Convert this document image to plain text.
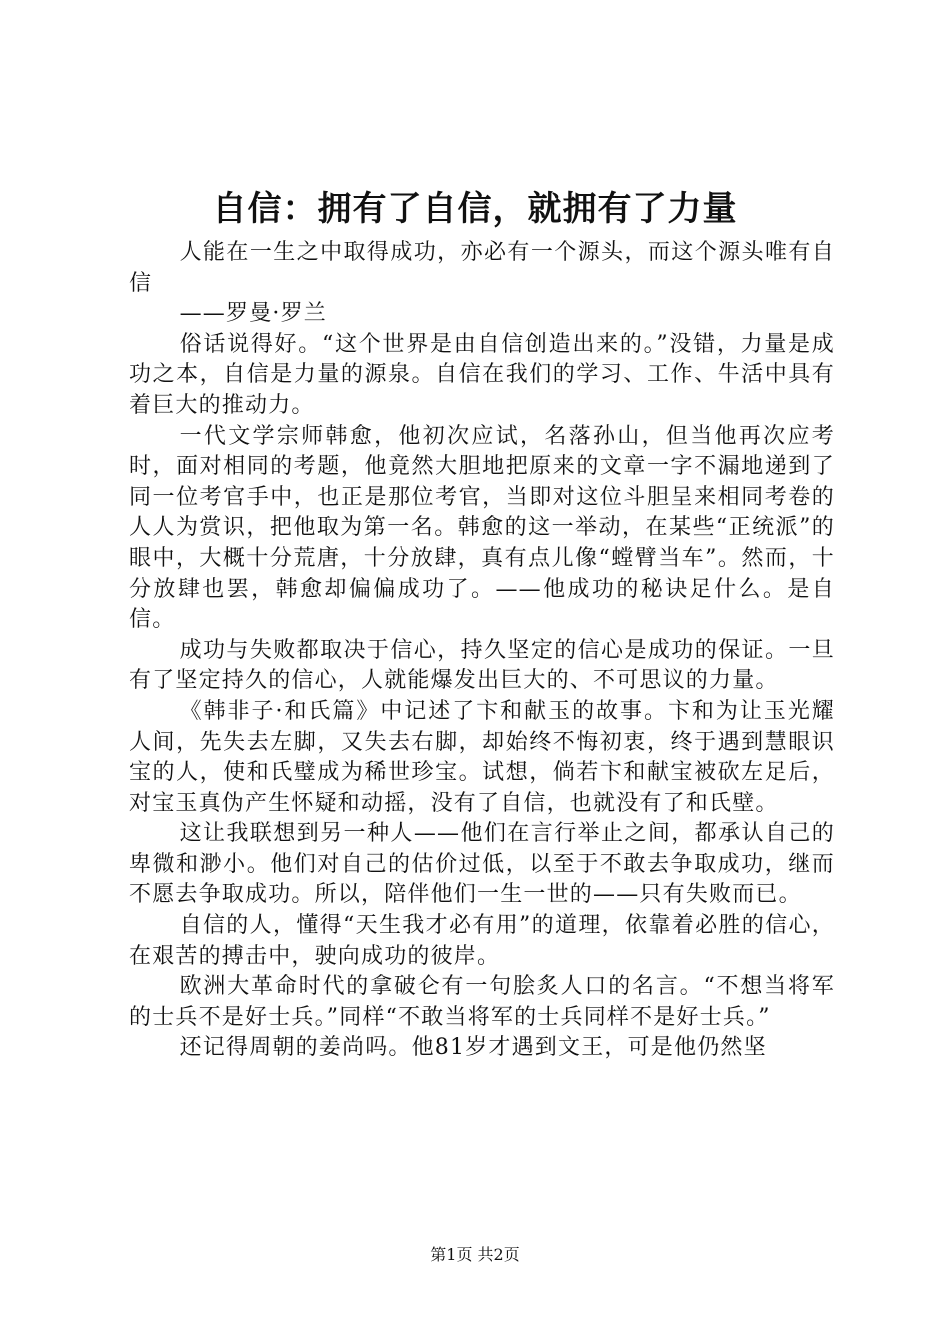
自信：拥有了自信，就拥有了力量

人能在一生之中取得成功，亦必有一个源头，而这个源头唯有自信

——罗曼·罗兰

俗话说得好。“这个世界是由自信创造出来的。”没错，力量是成功之本，自信是力量的源泉。自信在我们的学习、工作、牛活中具有着巨大的推动力。

一代文学宗师韩愈，他初次应试，名落孙山，但当他再次应考时，面对相同的考题，他竟然大胆地把原来的文章一字不漏地递到了同一位考官手中，也正是那位考官，当即对这位斗胆呈来相同考卷的人人为赏识，把他取为第一名。韩愈的这一举动，在某些“正统派”的眼中，大概十分荒唐，十分放肆，真有点儿像“螳臂当车”。然而，十分放肆也罢，韩愈却偏偏成功了。——他成功的秘诀足什么。是自信。

成功与失败都取决于信心，持久坚定的信心是成功的保证。一旦有了坚定持久的信心，人就能爆发出巨大的、不可思议的力量。

《韩非子·和氏篇》中记述了卞和献玉的故事。卞和为让玉光耀人间，先失去左脚，又失去右脚，却始终不悔初衷，终于遇到慧眼识宝的人，使和氏璧成为稀世珍宝。试想，倘若卞和献宝被砍左足后，对宝玉真伪产生怀疑和动摇，没有了自信，也就没有了和氏壁。

这让我联想到另一种人——他们在言行举止之间，都承认自己的卑微和渺小。他们对自己的估价过低，以至于不敢去争取成功，继而不愿去争取成功。所以，陪伴他们一生一世的——只有失败而已。

自信的人，懂得“天生我才必有用”的道理，依靠着必胜的信心，在艰苦的搏击中，驶向成功的彼岸。

欧洲大革命时代的拿破仑有一句脍炙人口的名言。“不想当将军的士兵不是好士兵。”同样“不敢当将军的士兵同样不是好士兵。”

还记得周朝的姜尚吗。他81岁才遇到文王，可是他仍然坚

第1页 共2页
